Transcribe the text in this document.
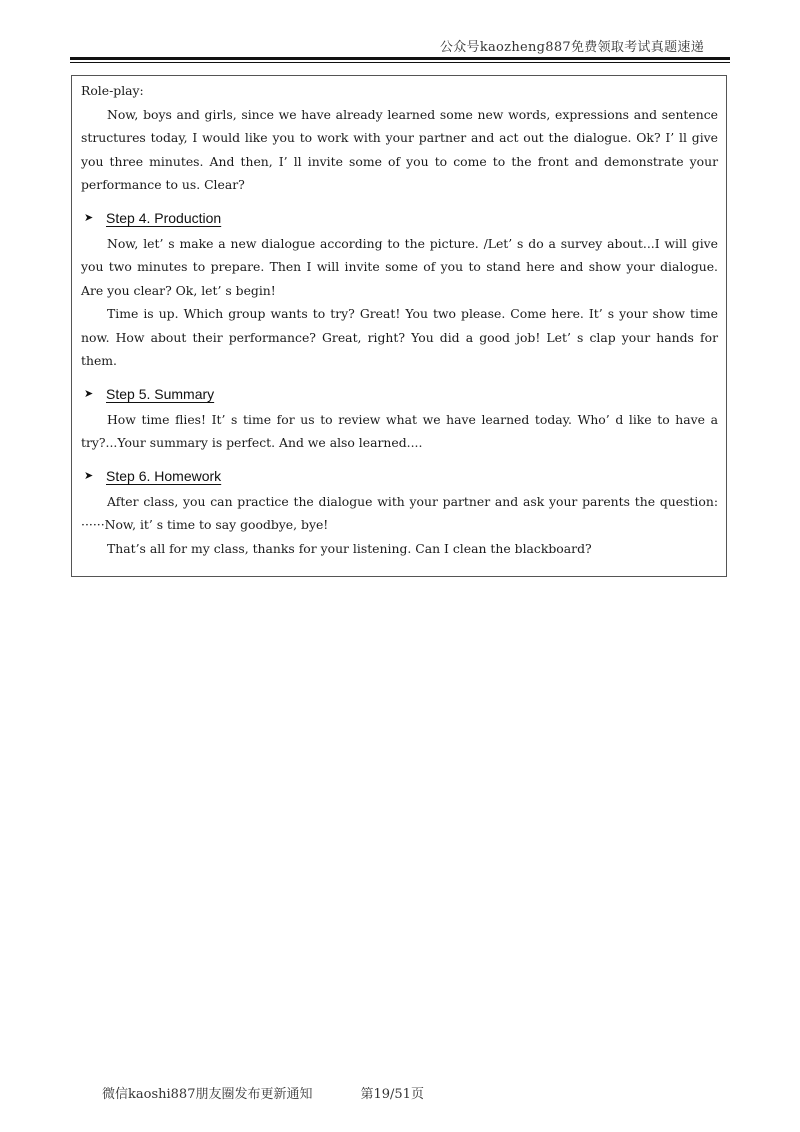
公众号kaozheng887免费领取考试真题速递

Role-play:

Now, boys and girls, since we have already learned some new words, expressions and sentence structures today, I would like you to work with your partner and act out the dialogue. Ok? I’ ll give you three minutes. And then, I’ ll invite some of you to come to the front and demonstrate your performance to us. Clear?

➤ Step 4. Production

Now, let’ s make a new dialogue according to the picture. /Let’ s do a survey about...I will give you two minutes to prepare. Then I will invite some of you to stand here and show your dialogue. Are you clear? Ok, let’ s begin!

Time is up. Which group wants to try? Great! You two please. Come here. It’ s your show time now. How about their performance? Great, right? You did a good job! Let’ s clap your hands for them.

➤ Step 5. Summary

How time flies! It’ s time for us to review what we have learned today. Who’ d like to have a try?...Your summary is perfect. And we also learned....

➤ Step 6. Homework

After class, you can practice the dialogue with your partner and ask your parents the question: ······Now, it’ s time to say goodbye, bye!

That’s all for my class, thanks for your listening. Can I clean the blackboard?

微信kaoshi887朋友圈发布更新通知	第19/51页
